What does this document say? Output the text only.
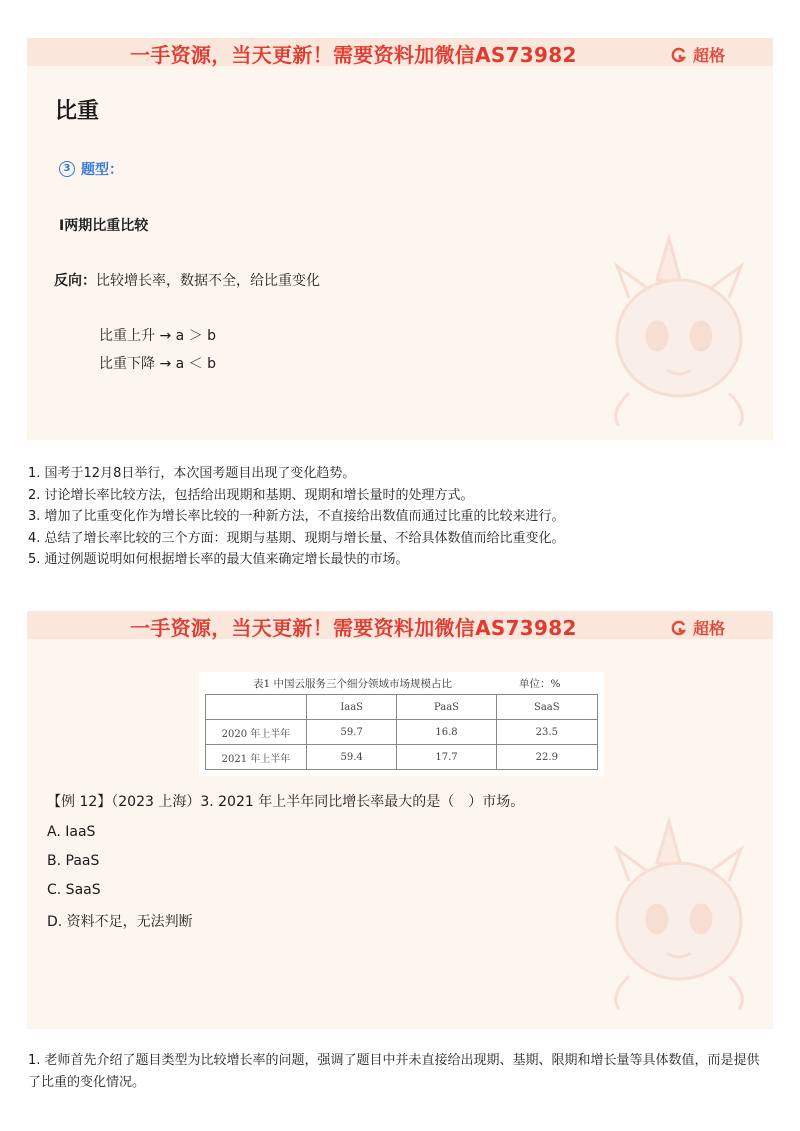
一手资源，当天更新！需要资料加微信AS73982	超格
比重
3 题型：
Ⅰ两期比重比较
反向：比较增长率，数据不全，给比重变化
比重上升 → a ＞ b
比重下降 → a ＜ b
1. 国考于12月8日举行，本次国考题目出现了变化趋势。
2. 讨论增长率比较方法，包括给出现期和基期、现期和增长量时的处理方式。
3. 增加了比重变化作为增长率比较的一种新方法，不直接给出数值而通过比重的比较来进行。
4. 总结了增长率比较的三个方面：现期与基期、现期与增长量、不给具体数值而给比重变化。
5. 通过例题说明如何根据增长率的最大值来确定增长最快的市场。
一手资源，当天更新！需要资料加微信AS73982	超格
表1 中国云服务三个细分领域市场规模占比	单位：%
	IaaS	PaaS	SaaS
2020 年上半年	59.7	16.8	23.5
2021 年上半年	59.4	17.7	22.9
【例 12】（2023 上海）3. 2021 年上半年同比增长率最大的是（　）市场。
A. IaaS
B. PaaS
C. SaaS
D. 资料不足，无法判断
1. 老师首先介绍了题目类型为比较增长率的问题，强调了题目中并未直接给出现期、基期、限期和增长量等具体数值，而是提供了比重的变化情况。
